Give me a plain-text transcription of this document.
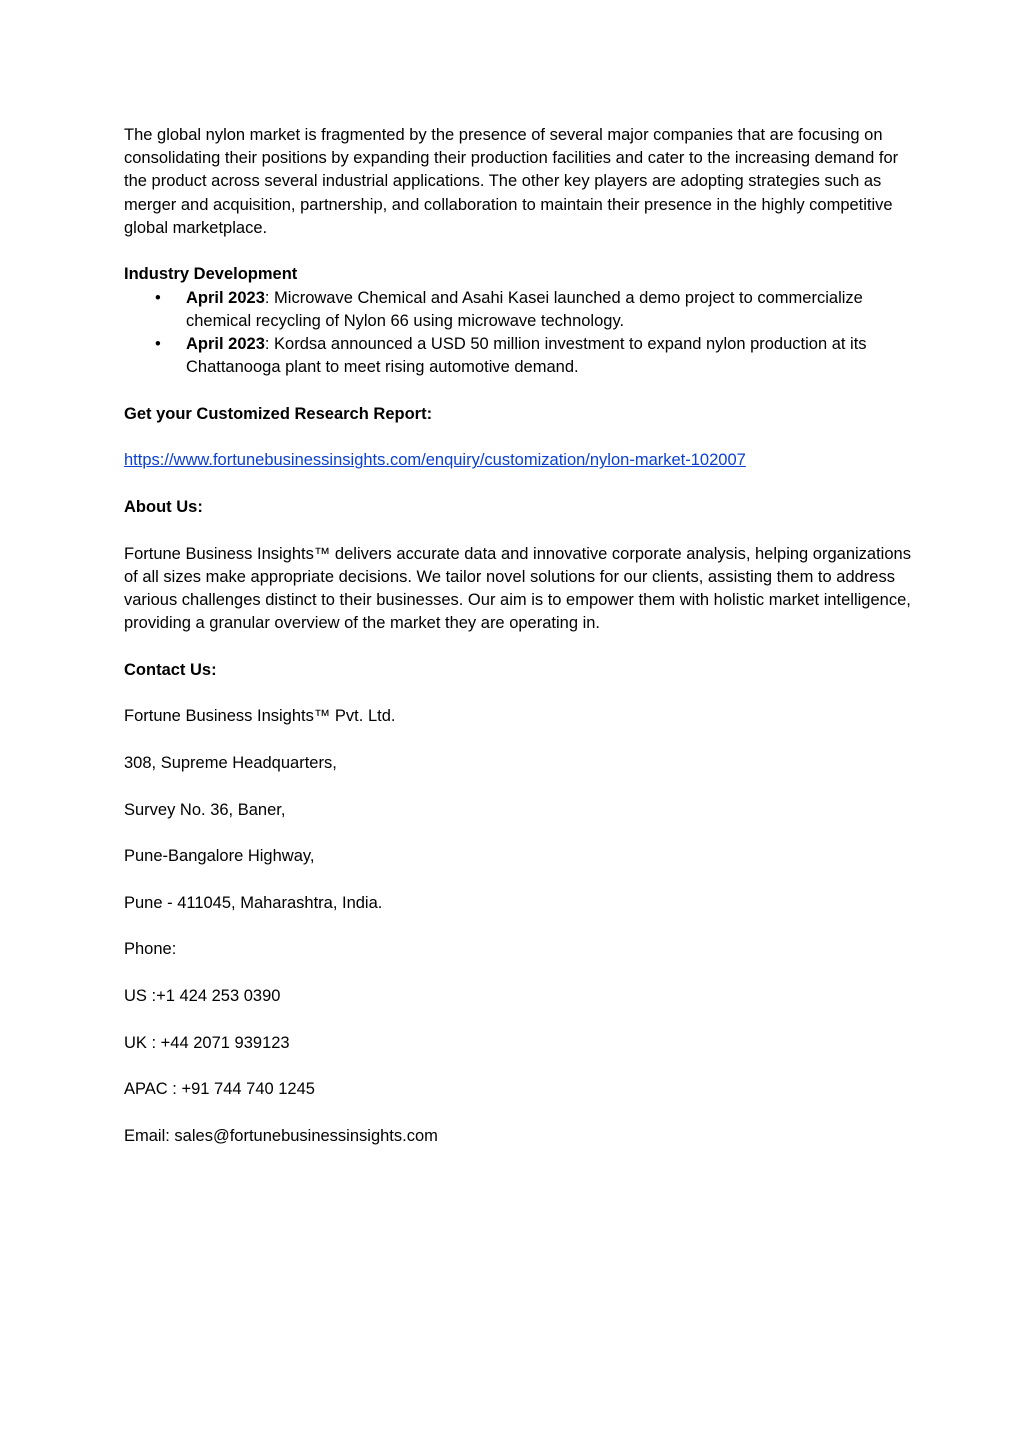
The global nylon market is fragmented by the presence of several major companies that are focusing on consolidating their positions by expanding their production facilities and cater to the increasing demand for the product across several industrial applications. The other key players are adopting strategies such as merger and acquisition, partnership, and collaboration to maintain their presence in the highly competitive global marketplace.

Industry Development

• April 2023: Microwave Chemical and Asahi Kasei launched a demo project to commercialize chemical recycling of Nylon 66 using microwave technology.
• April 2023: Kordsa announced a USD 50 million investment to expand nylon production at its Chattanooga plant to meet rising automotive demand.

Get your Customized Research Report:

https://www.fortunebusinessinsights.com/enquiry/customization/nylon-market-102007

About Us:

Fortune Business Insights™ delivers accurate data and innovative corporate analysis, helping organizations of all sizes make appropriate decisions. We tailor novel solutions for our clients, assisting them to address various challenges distinct to their businesses. Our aim is to empower them with holistic market intelligence, providing a granular overview of the market they are operating in.

Contact Us:

Fortune Business Insights™ Pvt. Ltd.

308, Supreme Headquarters,

Survey No. 36, Baner,

Pune-Bangalore Highway,

Pune - 411045, Maharashtra, India.

Phone:

US :+1 424 253 0390

UK : +44 2071 939123

APAC : +91 744 740 1245

Email: sales@fortunebusinessinsights.com
